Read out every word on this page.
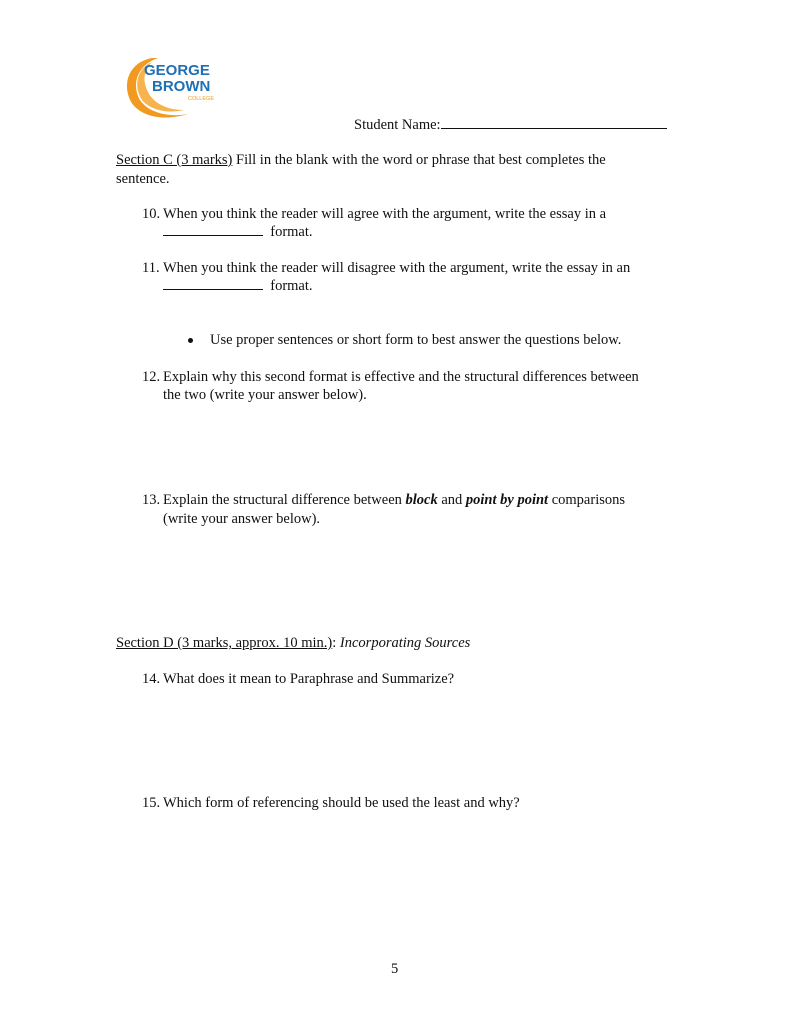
GEORGE
BROWN
COLLEGE

Student Name:

Section C (3 marks) Fill in the blank with the word or phrase that best completes the

sentence.

10. When you think the reader will agree with the argument, write the essay in a

format.

11. When you think the reader will disagree with the argument, write the essay in an

format.

Use proper sentences or short form to best answer the questions below.

12. Explain why this second format is effective and the structural differences between

the two (write your answer below).

13. Explain the structural difference between block and point by point comparisons

(write your answer below).

Section D (3 marks, approx. 10 min.): Incorporating Sources

14. What does it mean to Paraphrase and Summarize?

15. Which form of referencing should be used the least and why?

5
